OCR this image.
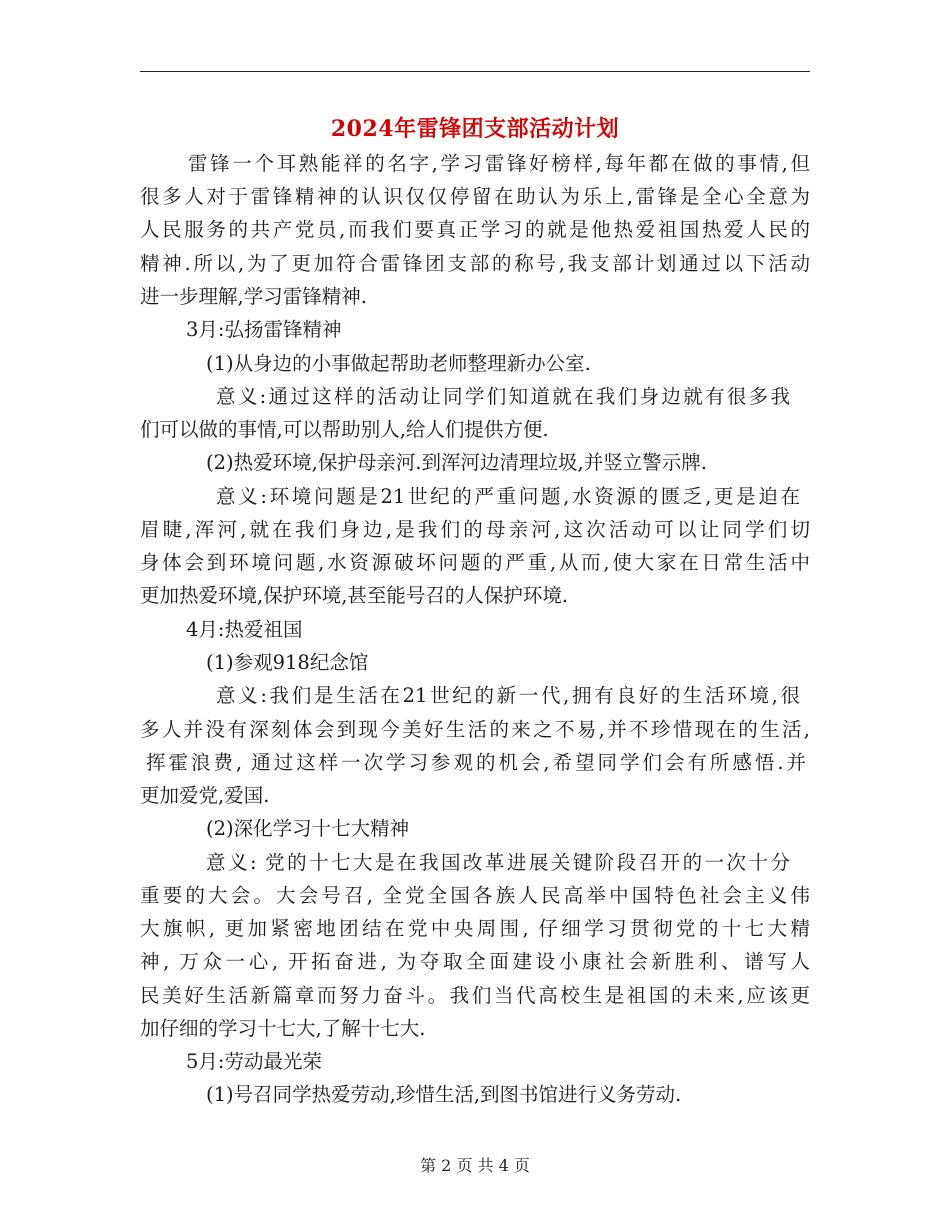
2024年雷锋团支部活动计划
雷锋一个耳熟能祥的名字,学习雷锋好榜样,每年都在做的事情,但
很多人对于雷锋精神的认识仅仅停留在助认为乐上,雷锋是全心全意为
人民服务的共产党员,而我们要真正学习的就是他热爱祖国热爱人民的
精神.所以,为了更加符合雷锋团支部的称号,我支部计划通过以下活动
进一步理解,学习雷锋精神.
3月:弘扬雷锋精神
(1)从身边的小事做起帮助老师整理新办公室.
意义:通过这样的活动让同学们知道就在我们身边就有很多我
们可以做的事情,可以帮助别人,给人们提供方便.
(2)热爱环境,保护母亲河.到浑河边清理垃圾,并竖立警示牌.
意义:环境问题是21世纪的严重问题,水资源的匮乏,更是迫在
眉睫,浑河,就在我们身边,是我们的母亲河,这次活动可以让同学们切
身体会到环境问题,水资源破坏问题的严重,从而,使大家在日常生活中
更加热爱环境,保护环境,甚至能号召的人保护环境.
4月:热爱祖国
(1)参观918纪念馆
意义:我们是生活在21世纪的新一代,拥有良好的生活环境,很
多人并没有深刻体会到现今美好生活的来之不易,并不珍惜现在的生活,
挥霍浪费, 通过这样一次学习参观的机会,希望同学们会有所感悟.并
更加爱党,爱国.
(2)深化学习十七大精神
意义: 党的十七大是在我国改革进展关键阶段召开的一次十分
重要的大会。大会号召, 全党全国各族人民高举中国特色社会主义伟
大旗帜, 更加紧密地团结在党中央周围, 仔细学习贯彻党的十七大精
神, 万众一心, 开拓奋进, 为夺取全面建设小康社会新胜利、谱写人
民美好生活新篇章而努力奋斗。我们当代高校生是祖国的未来,应该更
加仔细的学习十七大,了解十七大.
5月:劳动最光荣
(1)号召同学热爱劳动,珍惜生活,到图书馆进行义务劳动.
第 2 页 共 4 页
